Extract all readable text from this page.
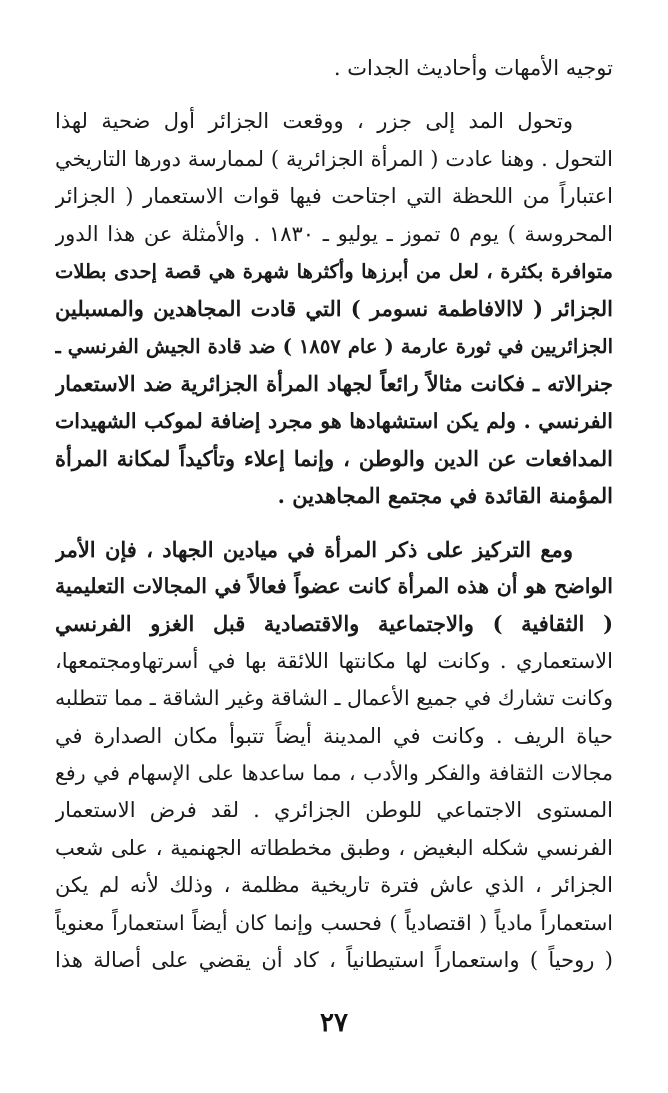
توجيه الأمهات وأحاديث الجدات .
وتحول المد إلى جزر ، ووقعت الجزائر أول ضحية لهذا
التحول . وهنا عادت ( المرأة الجزائرية ) لممارسة دورها التاريخي
اعتباراً من اللحظة التي اجتاحت فيها قوات الاستعمار ( الجزائر
المحروسة ) يوم ٥ تموز ـ يوليو ـ ١٨٣٠ . والأمثلة عن هذا الدور
متوافرة بكثرة ، لعل من أبرزها وأكثرها شهرة هي قصة إحدى بطلات
الجزائر ( لاالافاطمة نسومر ) التي قادت المجاهدين والمسبلين
الجزائريين في ثورة عارمة ( عام ١٨٥٧ ) ضد قادة الجيش الفرنسي ـ
جنرالاته ـ فكانت مثالاً رائعاً لجهاد المرأة الجزائرية ضد الاستعمار
الفرنسي . ولم يكن استشهادها هو مجرد إضافة لموكب الشهيدات
المدافعات عن الدين والوطن ، وإنما إعلاء وتأكيداً لمكانة المرأة
المؤمنة القائدة في مجتمع المجاهدين .
ومع التركيز على ذكر المرأة في ميادين الجهاد ، فإن الأمر
الواضح هو أن هذه المرأة كانت عضواً فعالاً في المجالات التعليمية
( الثقافية ) والاجتماعية والاقتصادية قبل الغزو الفرنسي
الاستعماري . وكانت لها مكانتها اللائقة بها في أسرتهاومجتمعها،
وكانت تشارك في جميع الأعمال ـ الشاقة وغير الشاقة ـ مما تتطلبه
حياة الريف . وكانت في المدينة أيضاً تتبوأ مكان الصدارة في
مجالات الثقافة والفكر والأدب ، مما ساعدها على الإسهام في رفع
المستوى الاجتماعي للوطن الجزائري . لقد فرض الاستعمار
الفرنسي شكله البغيض ، وطبق مخططاته الجهنمية ، على شعب
الجزائر ، الذي عاش فترة تاريخية مظلمة ، وذلك لأنه لم يكن
استعماراً مادياً ( اقتصادياً ) فحسب وإنما كان أيضاً استعماراً معنوياً
( روحياً ) واستعماراً استيطانياً ، كاد أن يقضي على أصالة هذا
٢٧
